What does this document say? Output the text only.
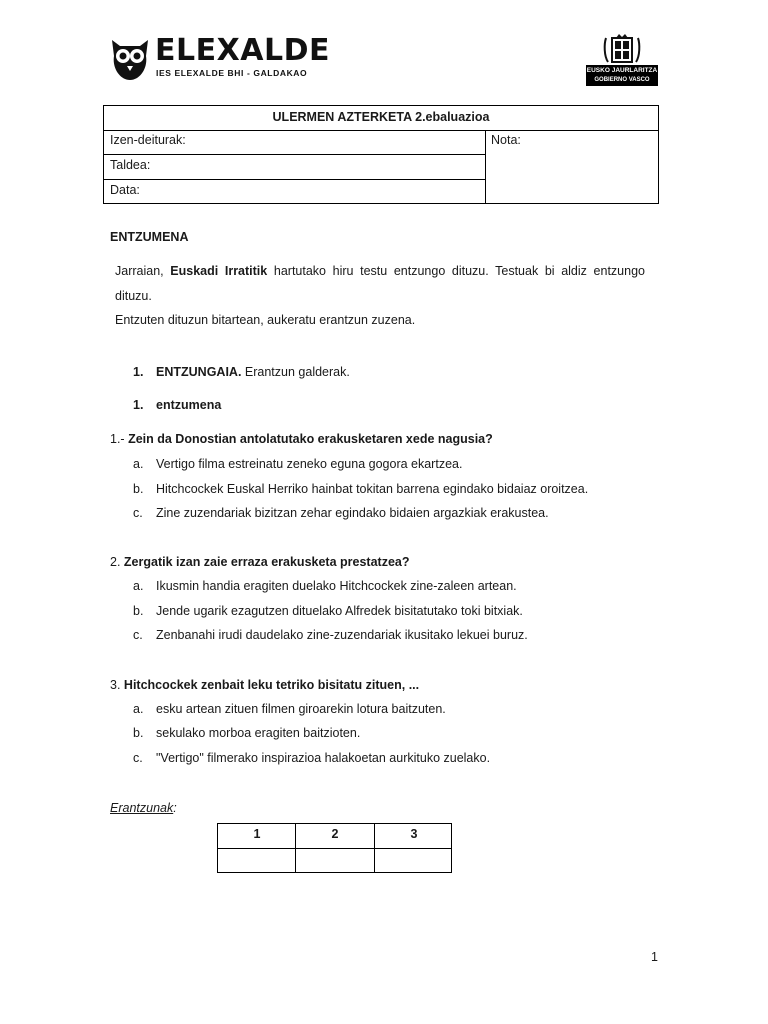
ELEXALDE
IES ELEXALDE BHI - GALDAKAO	EUSKO JAURLARITZA
GOBIERNO VASCO
ULERMEN AZTERKETA 2.ebaluazioa
Izen-deiturak:
Taldea:
Data:
Nota:
ENTZUMENA
Jarraian, Euskadi Irratitik hartutako hiru testu entzungo dituzu. Testuak bi aldiz entzungo
dituzu.
Entzuten dituzun bitartean, aukeratu erantzun zuzena.
1. ENTZUNGAIA. Erantzun galderak.
1. entzumena
1.- Zein da Donostian antolatutako erakusketaren xede nagusia?
a. Vertigo filma estreinatu zeneko eguna gogora ekartzea.
b. Hitchcockek Euskal Herriko hainbat tokitan barrena egindako bidaiaz oroitzea.
c. Zine zuzendariak bizitzan zehar egindako bidaien argazkiak erakustea.
2. Zergatik izan zaie erraza erakusketa prestatzea?
a. Ikusmin handia eragiten duelako Hitchcockek zine-zaleen artean.
b. Jende ugarik ezagutzen dituelako Alfredek bisitatutako toki bitxiak.
c. Zenbanahi irudi daudelako zine-zuzendariak ikusitako lekuei buruz.
3. Hitchcockek zenbait leku tetriko bisitatu zituen, ...
a. esku artean zituen filmen giroarekin lotura baitzuten.
b. sekulako morboa eragiten baitzioten.
c. "Vertigo" filmerako inspirazioa halakoetan aurkituko zuelako.
Erantzunak:
1	2	3
1
